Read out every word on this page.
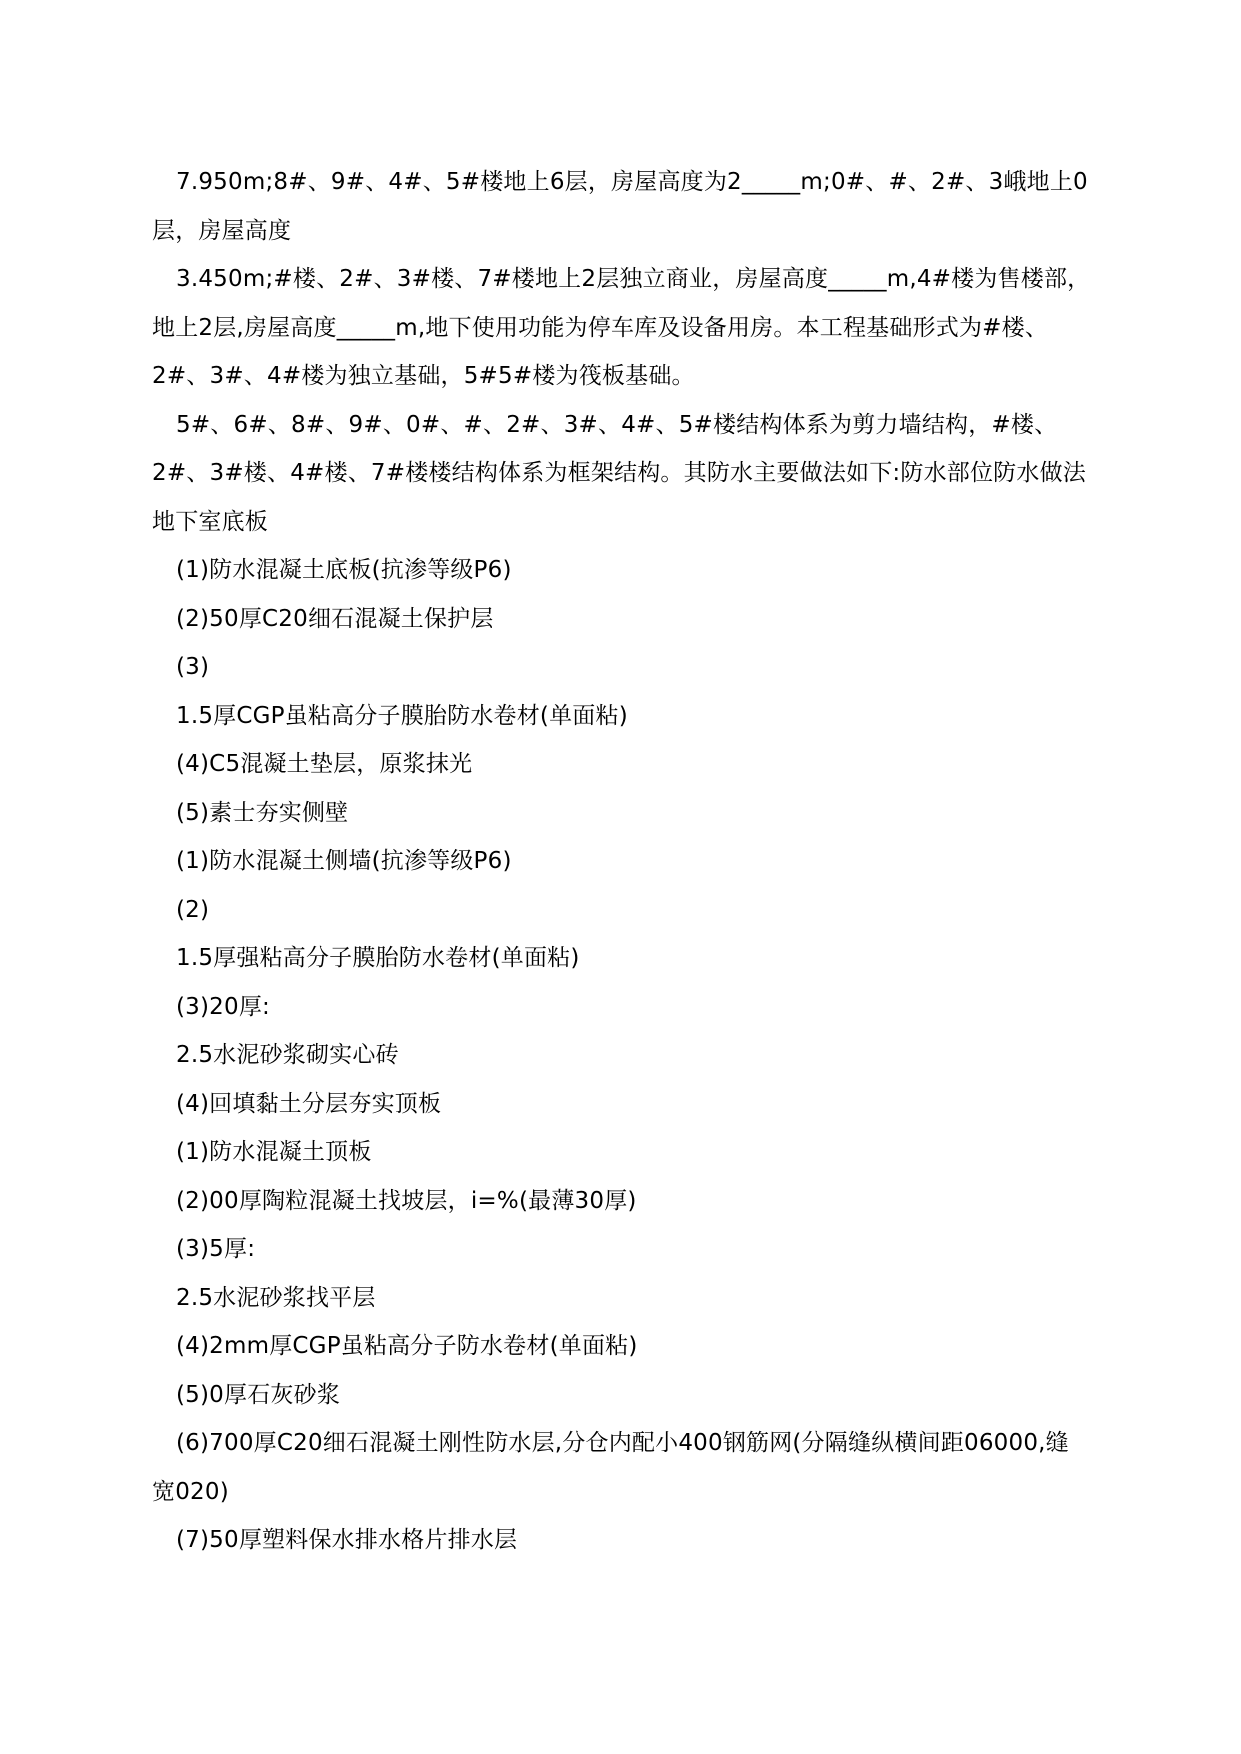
7.950m;8#、9#、4#、5#楼地上6层，房屋高度为2_____m;0#、#、2#、3峨地上0层，房屋高度

3.450m;#楼、2#、3#楼、7#楼地上2层独立商业，房屋高度_____m,4#楼为售楼部，地上2层,房屋高度_____m,地下使用功能为停车库及设备用房。本工程基础形式为#楼、2#、3#、4#楼为独立基础，5#5#楼为筏板基础。

5#、6#、8#、9#、0#、#、2#、3#、4#、5#楼结构体系为剪力墙结构，#楼、2#、3#楼、4#楼、7#楼楼结构体系为框架结构。其防水主要做法如下:防水部位防水做法地下室底板

(1)防水混凝土底板(抗渗等级P6)

(2)50厚C20细石混凝土保护层

(3)

1.5厚CGP虽粘高分子膜胎防水卷材(单面粘)

(4)C5混凝土垫层，原浆抹光

(5)素士夯实侧壁

(1)防水混凝土侧墙(抗渗等级P6)

(2)

1.5厚强粘高分子膜胎防水卷材(单面粘)

(3)20厚:

2.5水泥砂浆砌实心砖

(4)回填黏土分层夯实顶板

(1)防水混凝土顶板

(2)00厚陶粒混凝土找坡层，i=%(最薄30厚)

(3)5厚:

2.5水泥砂浆找平层

(4)2mm厚CGP虽粘高分子防水卷材(单面粘)

(5)0厚石灰砂浆

(6)700厚C20细石混凝土刚性防水层,分仓内配小400钢筋网(分隔缝纵横间距06000,缝宽020)

(7)50厚塑料保水排水格片排水层
